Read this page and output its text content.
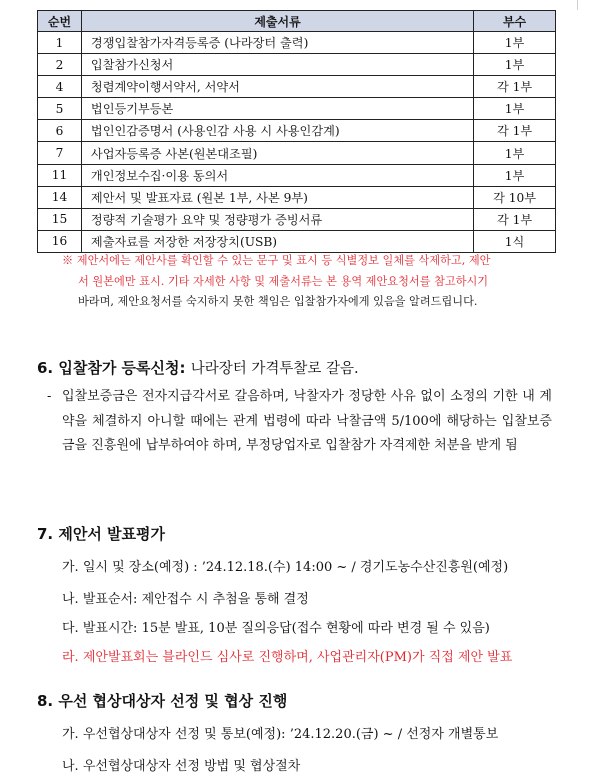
순번	제출서류	부수
1	경쟁입찰참가자격등록증 (나라장터 출력)	1부
2	입찰참가신청서	1부
4	청렴계약이행서약서, 서약서	각 1부
5	법인등기부등본	1부
6	법인인감증명서 (사용인감 사용 시 사용인감계)	각 1부
7	사업자등록증 사본(원본대조필)	1부
11	개인정보수집·이용 동의서	1부
14	제안서 및 발표자료 (원본 1부, 사본 9부)	각 10부
15	정량적 기술평가 요약 및 정량평가 증빙서류	각 1부
16	제출자료를 저장한 저장장치(USB)	1식
※ 제안서에는 제안사를 확인할 수 있는 문구 및 표시 등 식별정보 일체를 삭제하고, 제안
서 원본에만 표시. 기타 자세한 사항 및 제출서류는 본 용역 제안요청서를 참고하시기
바라며, 제안요청서를 숙지하지 못한 책임은 입찰참가자에게 있음을 알려드립니다.
6. 입찰참가 등록신청: 나라장터 가격투찰로 갈음.
- 입찰보증금은 전자지급각서로 갈음하며, 낙찰자가 정당한 사유 없이 소정의 기한 내 계약을 체결하지 아니할 때에는 관계 법령에 따라 낙찰금액 5/100에 해당하는 입찰보증금을 진흥원에 납부하여야 하며, 부정당업자로 입찰참가 자격제한 처분을 받게 됨
7. 제안서 발표평가
가. 일시 및 장소(예정) : ’24.12.18.(수) 14:00 ~ / 경기도농수산진흥원(예정)
나. 발표순서: 제안접수 시 추첨을 통해 결정
다. 발표시간: 15분 발표, 10분 질의응답(접수 현황에 따라 변경 될 수 있음)
라. 제안발표회는 블라인드 심사로 진행하며, 사업관리자(PM)가 직접 제안 발표
8. 우선 협상대상자 선정 및 협상 진행
가. 우선협상대상자 선정 및 통보(예정): ’24.12.20.(금) ~ / 선정자 개별통보
나. 우선협상대상자 선정 방법 및 협상절차
